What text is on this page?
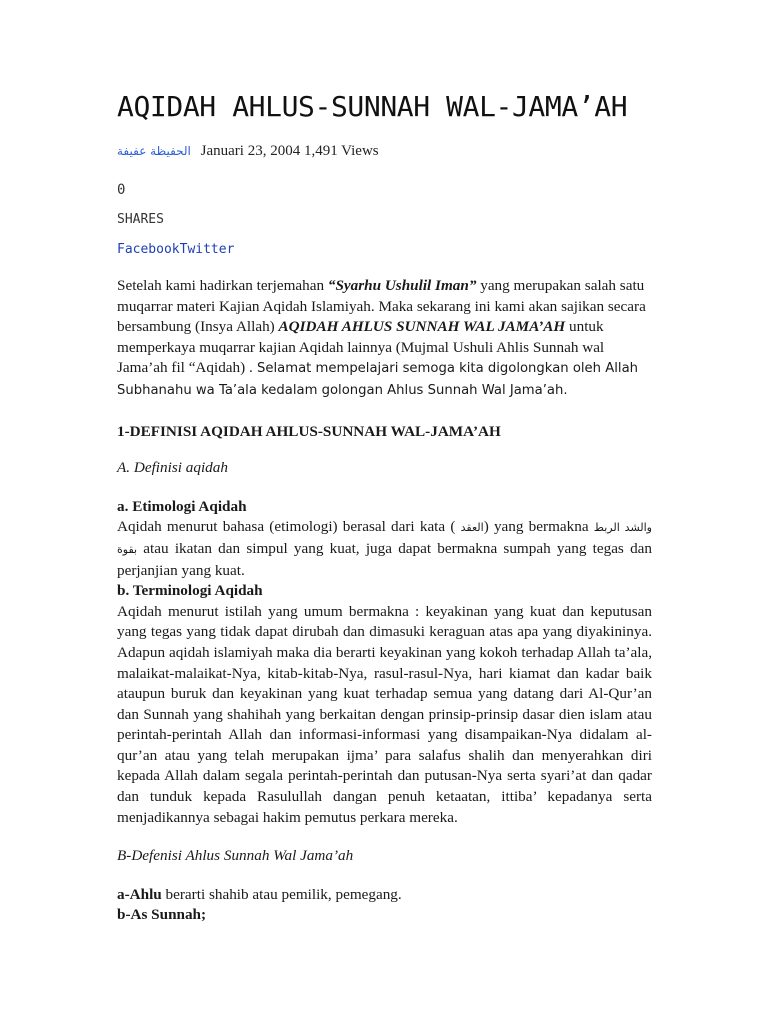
AQIDAH AHLUS-SUNNAH WAL-JAMA’AH
الحفيظة عفيفة Januari 23, 2004 1,491 Views
0
SHARES
FacebookTwitter

Setelah kami hadirkan terjemahan “Syarhu Ushulil Iman” yang merupakan salah satu muqarrar materi Kajian Aqidah Islamiyah. Maka sekarang ini kami akan sajikan secara bersambung (Insya Allah) AQIDAH AHLUS SUNNAH WAL JAMA’AH untuk memperkaya muqarrar kajian Aqidah lainnya (Mujmal Ushuli Ahlis Sunnah wal Jama’ah fil “Aqidah) . Selamat mempelajari semoga kita digolongkan oleh Allah Subhanahu wa Ta’ala kedalam golongan Ahlus Sunnah Wal Jama’ah.

1-DEFINISI AQIDAH AHLUS-SUNNAH WAL-JAMA’AH

A. Definisi aqidah

a. Etimologi Aqidah

Aqidah menurut bahasa (etimologi) berasal dari kata ( العقد) yang bermakna والشد الربط بقوة atau ikatan dan simpul yang kuat, juga dapat bermakna sumpah yang tegas dan perjanjian yang kuat.

b. Terminologi Aqidah

Aqidah menurut istilah yang umum bermakna : keyakinan yang kuat dan keputusan yang tegas yang tidak dapat dirubah dan dimasuki keraguan atas apa yang diyakininya. Adapun aqidah islamiyah maka dia berarti keyakinan yang kokoh terhadap Allah ta’ala, malaikat-malaikat-Nya, kitab-kitab-Nya, rasul-rasul-Nya, hari kiamat dan kadar baik ataupun buruk dan keyakinan yang kuat terhadap semua yang datang dari Al-Qur’an dan Sunnah yang shahihah yang berkaitan dengan prinsip-prinsip dasar dien islam atau perintah-perintah Allah dan informasi-informasi yang disampaikan-Nya didalam al-qur’an atau yang telah merupakan ijma’ para salafus shalih dan menyerahkan diri kepada Allah dalam segala perintah-perintah dan putusan-Nya serta syari’at dan qadar dan tunduk kepada Rasulullah dangan penuh ketaatan, ittiba’ kepadanya serta menjadikannya sebagai hakim pemutus perkara mereka.

B-Defenisi Ahlus Sunnah Wal Jama’ah

a-Ahlu berarti shahib atau pemilik, pemegang.

b-As Sunnah;
